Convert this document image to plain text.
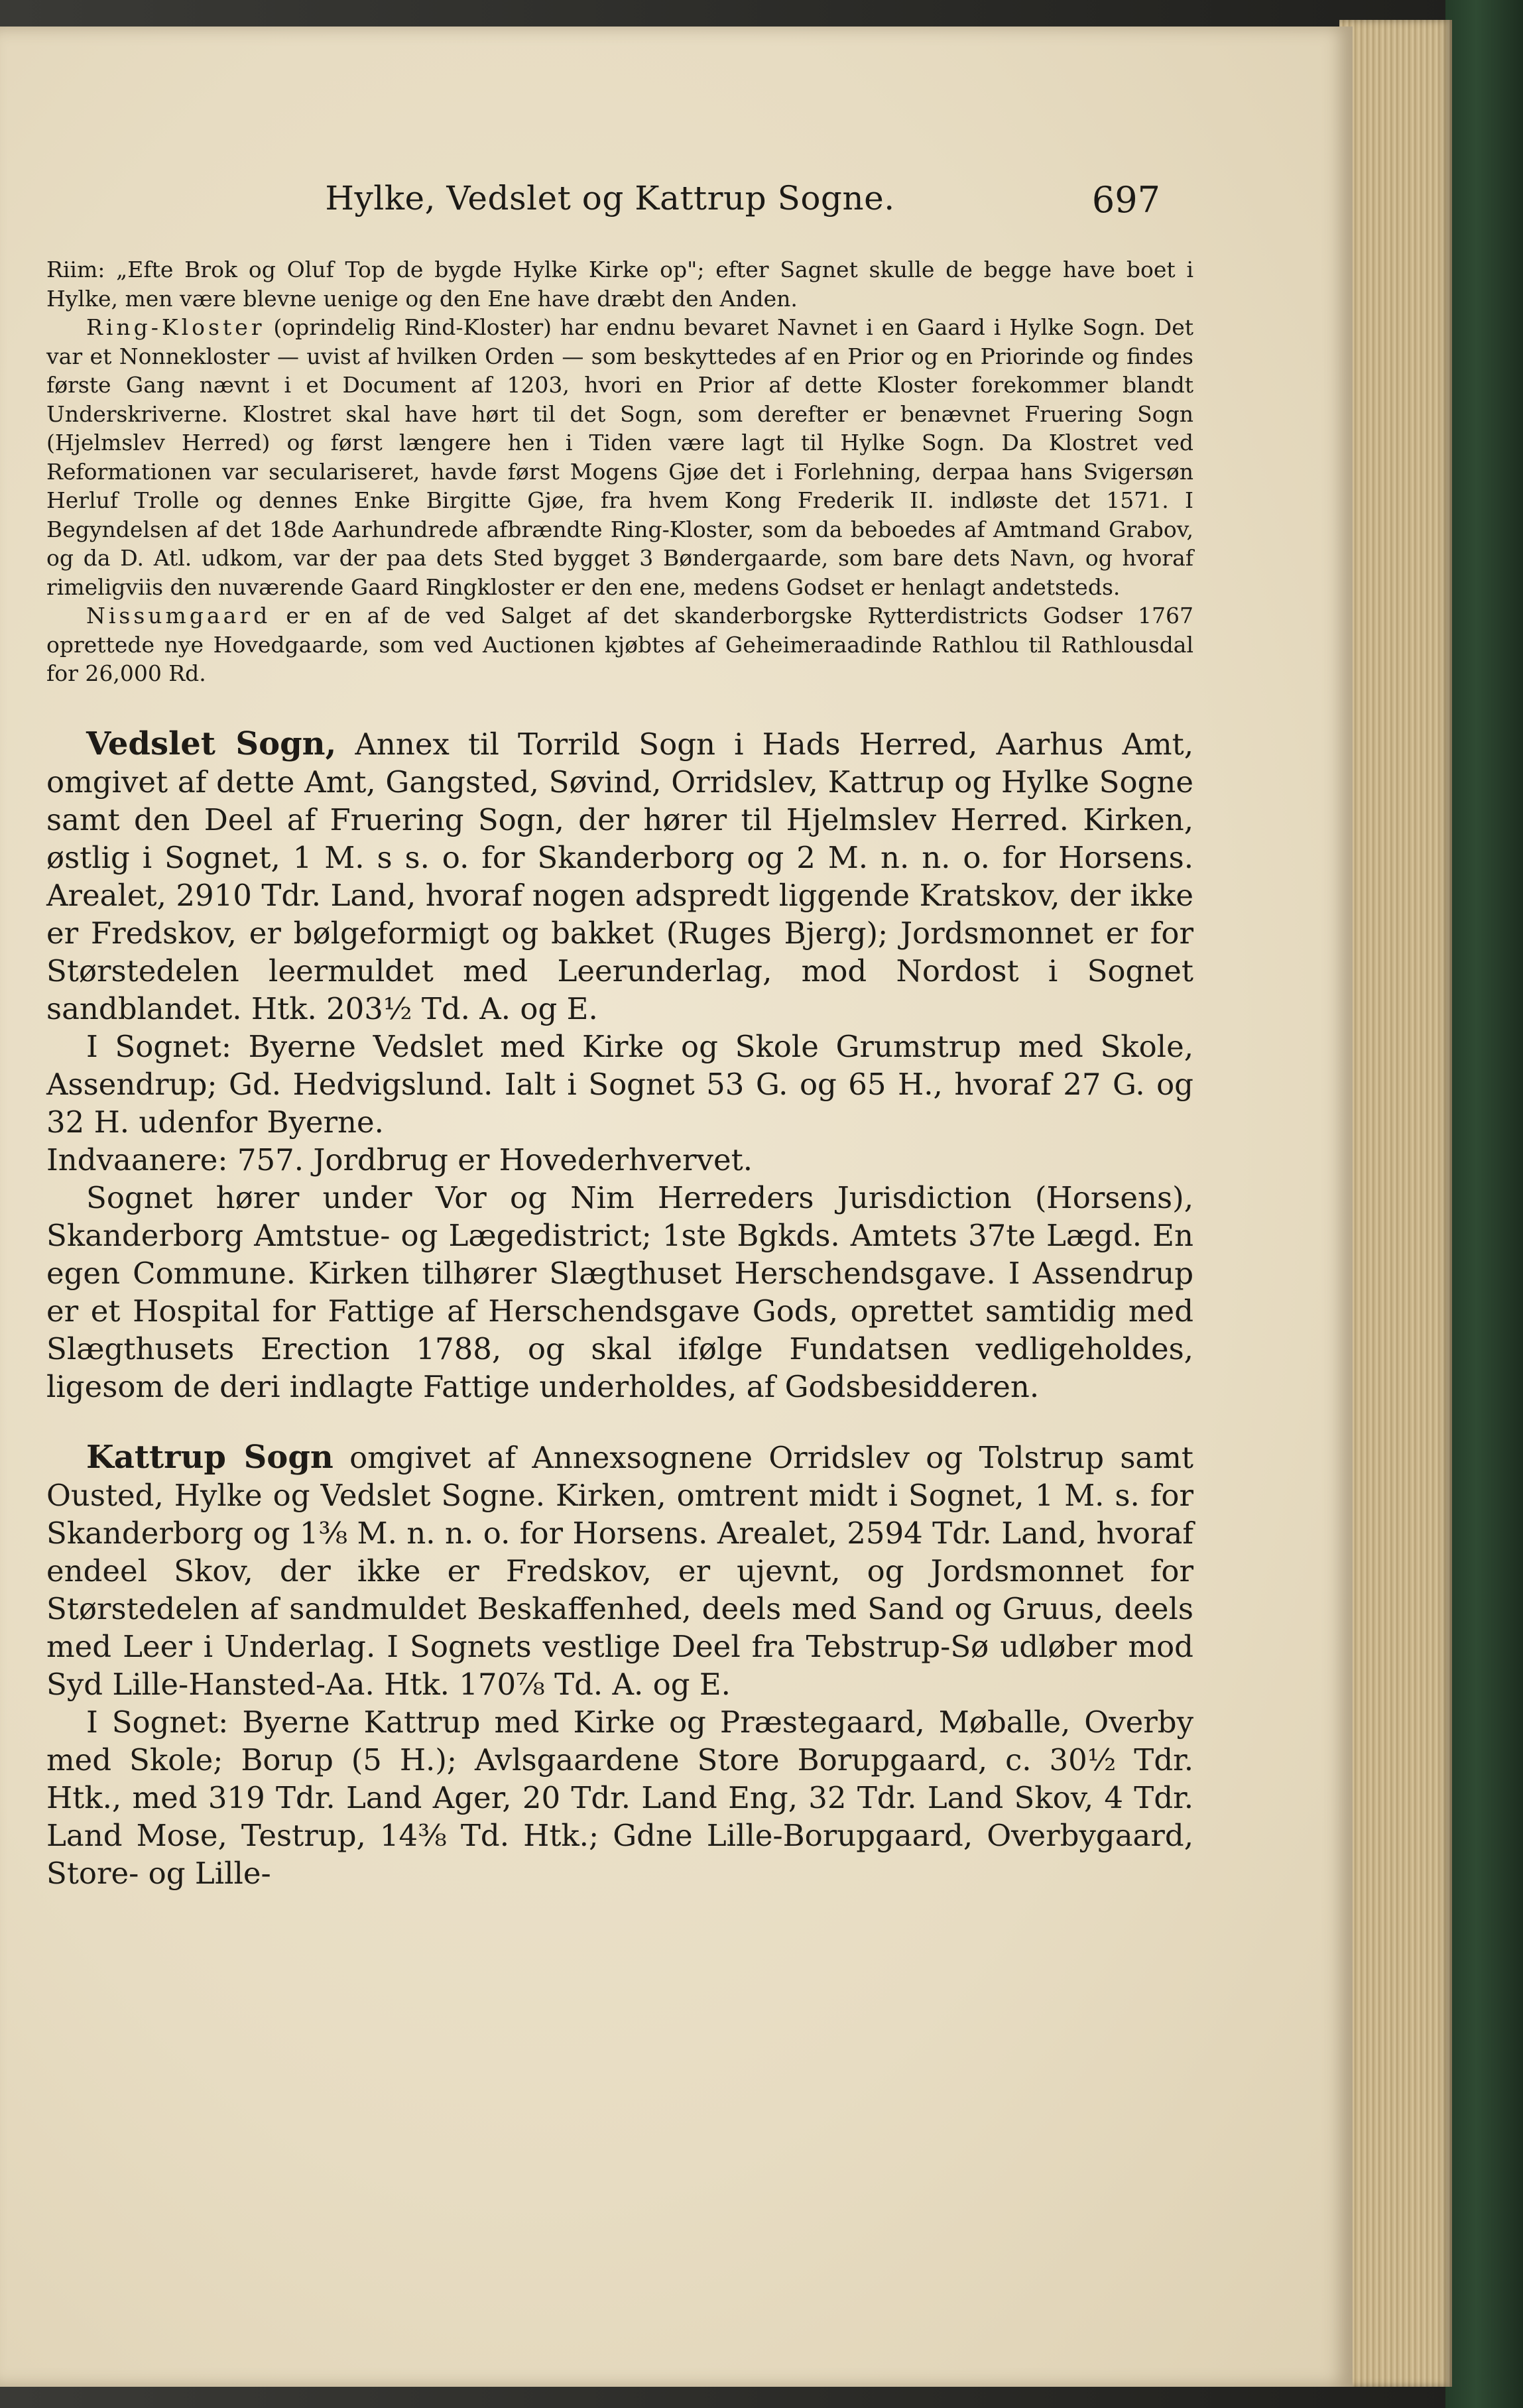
Hylke, Vedslet og Kattrup Sogne.	697

Riim: „Efte Brok og Oluf Top de bygde Hylke Kirke op"; efter Sagnet skulle de begge have boet i Hylke, men være blevne uenige og den Ene have dræbt den Anden.

Ring-Kloster (oprindelig Rind-Kloster) har endnu bevaret Navnet i en Gaard i Hylke Sogn. Det var et Nonnekloster — uvist af hvilken Orden — som beskyttedes af en Prior og en Priorinde og findes første Gang nævnt i et Document af 1203, hvori en Prior af dette Kloster forekommer blandt Underskriverne. Klostret skal have hørt til det Sogn, som derefter er benævnet Fruering Sogn (Hjelmslev Herred) og først længere hen i Tiden være lagt til Hylke Sogn. Da Klostret ved Reformationen var seculariseret, havde først Mogens Gjøe det i Forlehning, derpaa hans Svigersøn Herluf Trolle og dennes Enke Birgitte Gjøe, fra hvem Kong Frederik II. indløste det 1571. I Begyndelsen af det 18de Aarhundrede afbrændte Ring-Kloster, som da beboedes af Amtmand Grabov, og da D. Atl. udkom, var der paa dets Sted bygget 3 Bøndergaarde, som bare dets Navn, og hvoraf rimeligviis den nuværende Gaard Ringkloster er den ene, medens Godset er henlagt andetsteds.

Nissumgaard er en af de ved Salget af det skanderborgske Rytterdistricts Godser 1767 oprettede nye Hovedgaarde, som ved Auctionen kjøbtes af Geheimeraadinde Rathlou til Rathlousdal for 26,000 Rd.

Vedslet Sogn, Annex til Torrild Sogn i Hads Herred, Aarhus Amt, omgivet af dette Amt, Gangsted, Søvind, Orridslev, Kattrup og Hylke Sogne samt den Deel af Fruering Sogn, der hører til Hjelmslev Herred. Kirken, østlig i Sognet, 1 M. s s. o. for Skanderborg og 2 M. n. n. o. for Horsens. Arealet, 2910 Tdr. Land, hvoraf nogen adspredt liggende Kratskov, der ikke er Fredskov, er bølgeformigt og bakket (Ruges Bjerg); Jordsmonnet er for Størstedelen leermuldet med Leerunderlag, mod Nordost i Sognet sandblandet. Htk. 203½ Td. A. og E.

I Sognet: Byerne Vedslet med Kirke og Skole Grumstrup med Skole, Assendrup; Gd. Hedvigslund. Ialt i Sognet 53 G. og 65 H., hvoraf 27 G. og 32 H. udenfor Byerne.

Indvaanere: 757. Jordbrug er Hovederhvervet.

Sognet hører under Vor og Nim Herreders Jurisdiction (Horsens), Skanderborg Amtstue- og Lægedistrict; 1ste Bgkds. Amtets 37te Lægd. En egen Commune. Kirken tilhører Slægthuset Herschendsgave. I Assendrup er et Hospital for Fattige af Herschendsgave Gods, oprettet samtidig med Slægthusets Erection 1788, og skal ifølge Fundatsen vedligeholdes, ligesom de deri indlagte Fattige underholdes, af Godsbesidderen.

Kattrup Sogn omgivet af Annexsognene Orridslev og Tolstrup samt Ousted, Hylke og Vedslet Sogne. Kirken, omtrent midt i Sognet, 1 M. s. for Skanderborg og 1⅜ M. n. n. o. for Horsens. Arealet, 2594 Tdr. Land, hvoraf endeel Skov, der ikke er Fredskov, er ujevnt, og Jordsmonnet for Størstedelen af sandmuldet Beskaffenhed, deels med Sand og Gruus, deels med Leer i Underlag. I Sognets vestlige Deel fra Tebstrup-Sø udløber mod Syd Lille-Hansted-Aa. Htk. 170⅞ Td. A. og E.

I Sognet: Byerne Kattrup med Kirke og Præstegaard, Møballe, Overby med Skole; Borup (5 H.); Avlsgaardene Store Borupgaard, c. 30½ Tdr. Htk., med 319 Tdr. Land Ager, 20 Tdr. Land Eng, 32 Tdr. Land Skov, 4 Tdr. Land Mose, Testrup, 14⅜ Td. Htk.; Gdne Lille-Borupgaard, Overbygaard, Store- og Lille-
